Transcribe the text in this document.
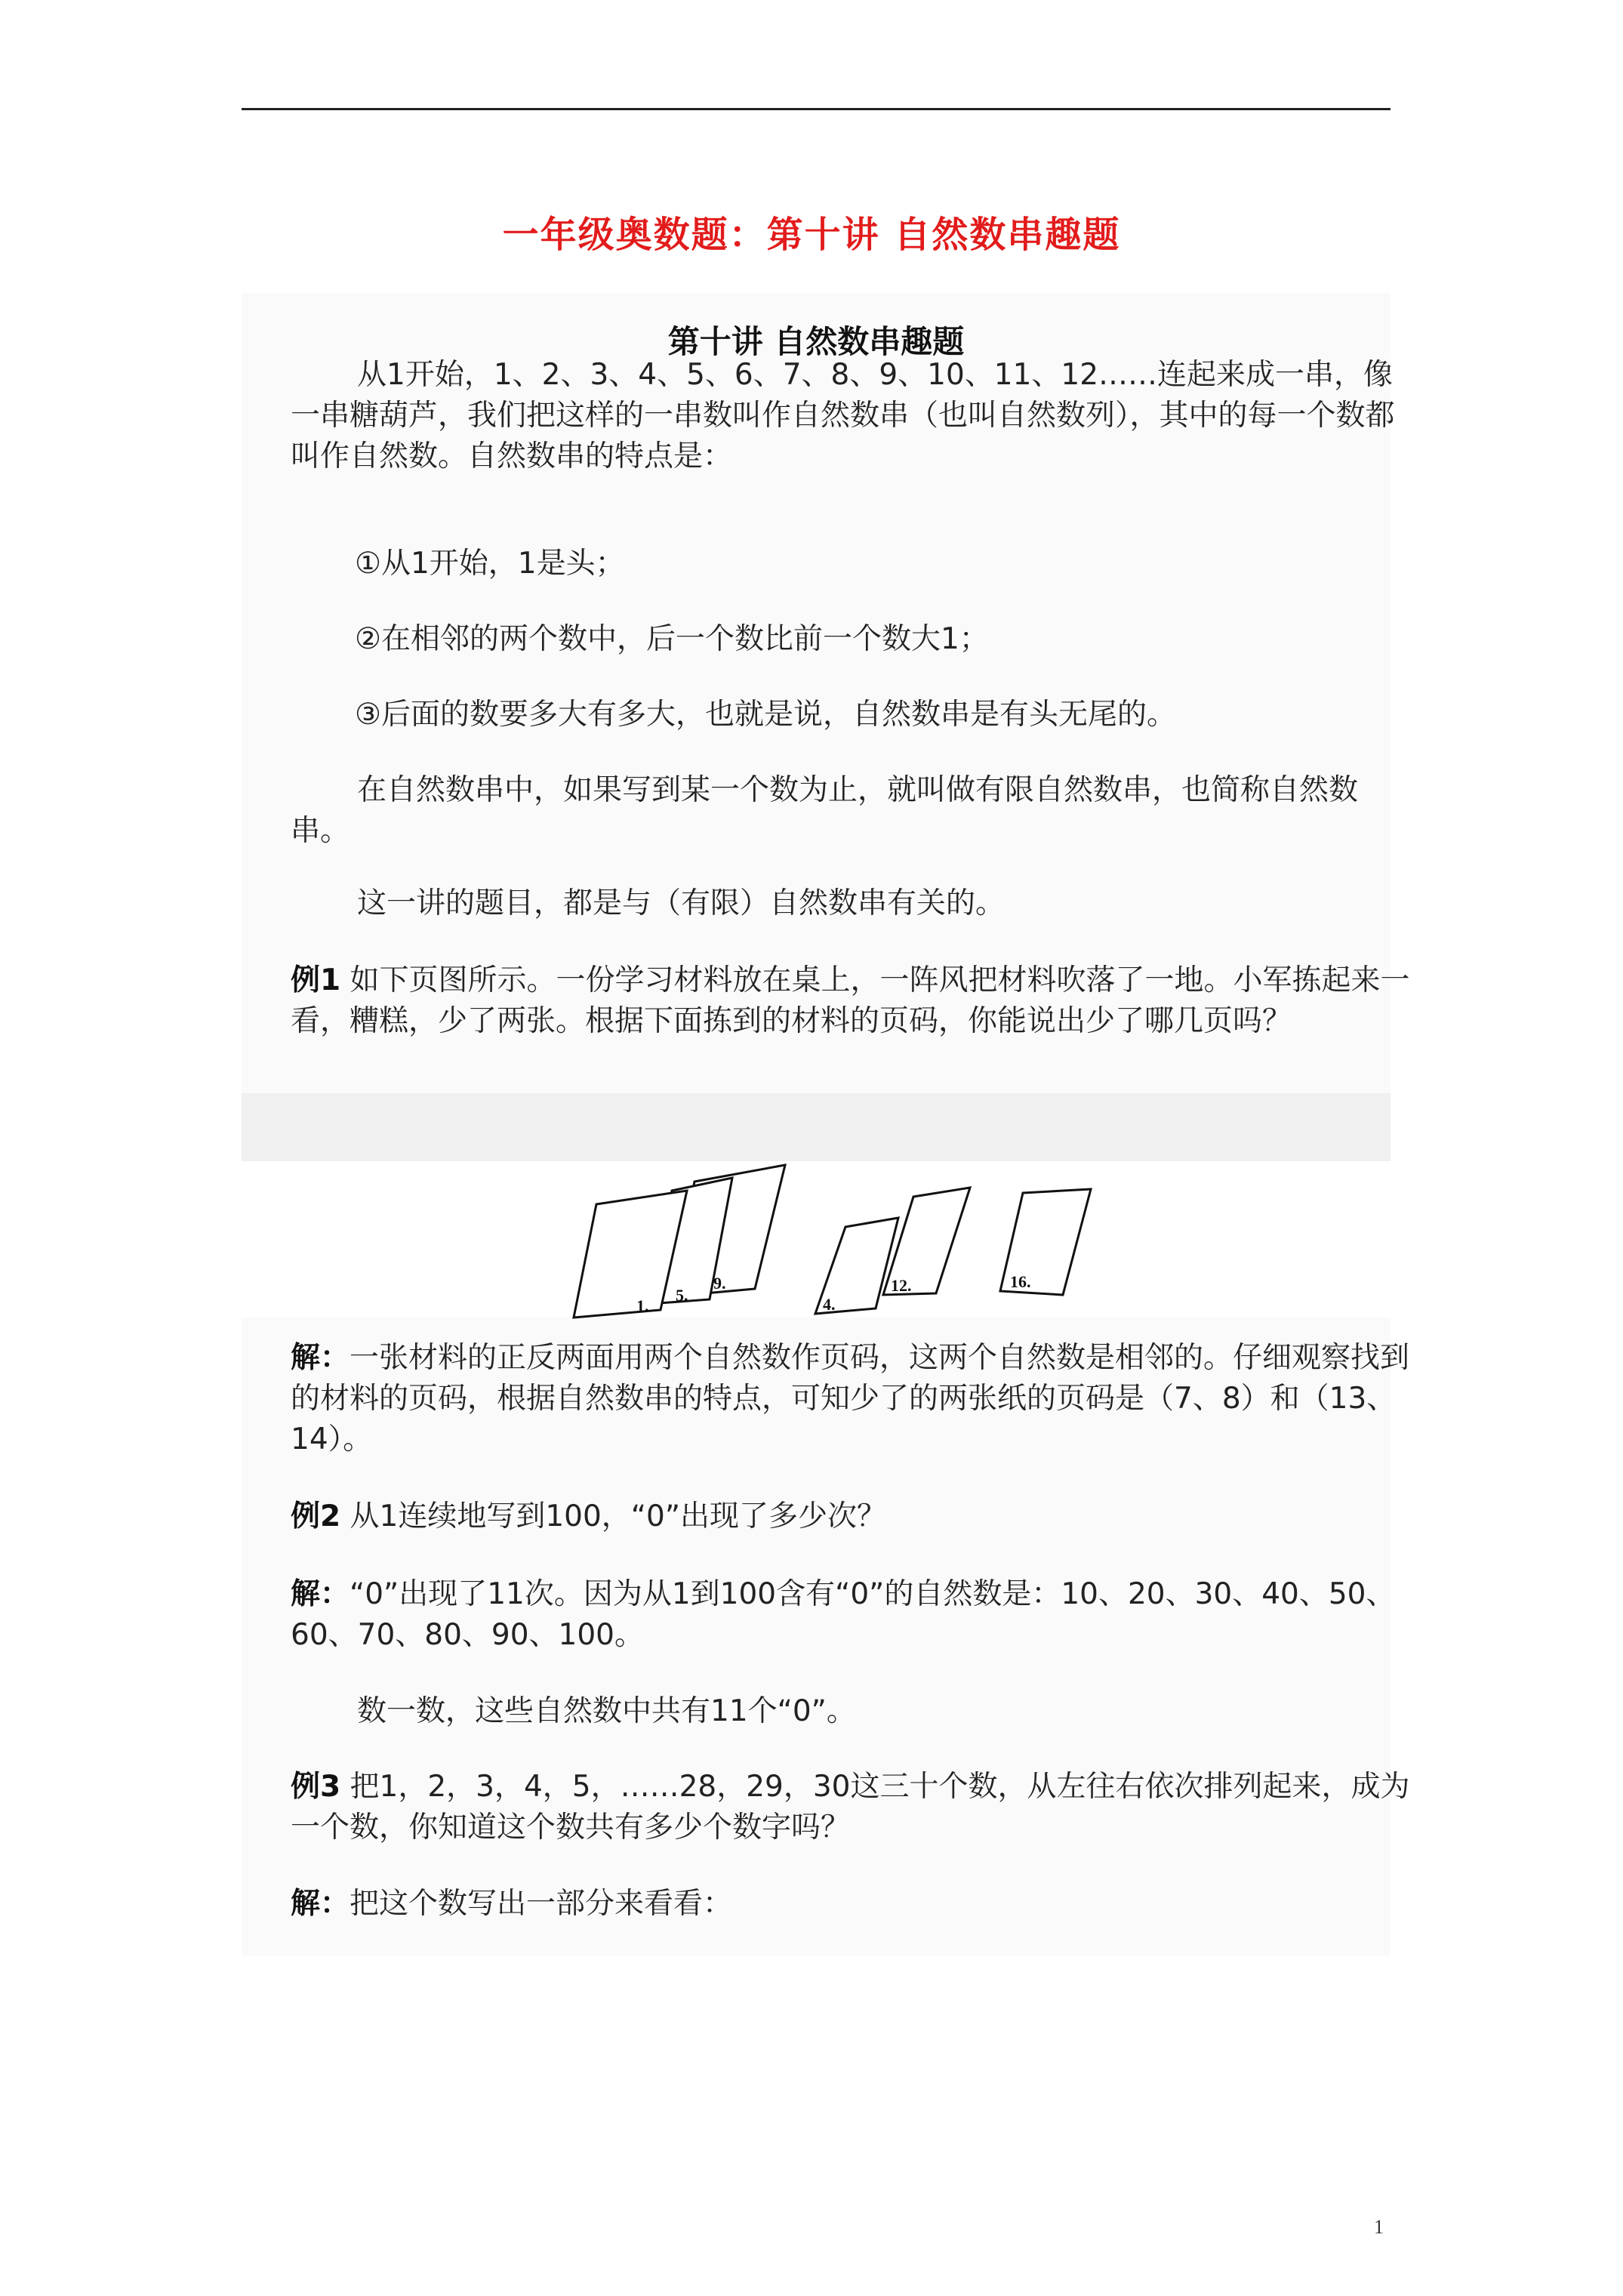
一年级奥数题：第十讲 自然数串趣题
第十讲 自然数串趣题
从1开始，1、2、3、4、5、6、7、8、9、10、11、12……连起来成一串，像一串糖葫芦，我们把这样的一串数叫作自然数串（也叫自然数列），其中的每一个数都叫作自然数。自然数串的特点是：
①从1开始，1是头；
②在相邻的两个数中，后一个数比前一个数大1；
③后面的数要多大有多大，也就是说，自然数串是有头无尾的。
在自然数串中，如果写到某一个数为止，就叫做有限自然数串，也简称自然数串。
这一讲的题目，都是与（有限）自然数串有关的。
例1 如下页图所示。一份学习材料放在桌上，一阵风把材料吹落了一地。小军拣起来一看，糟糕，少了两张。根据下面拣到的材料的页码，你能说出少了哪几页吗？
1.
5.
9.
4.
12.	16.
解：一张材料的正反两面用两个自然数作页码，这两个自然数是相邻的。仔细观察找到的材料的页码，根据自然数串的特点，可知少了的两张纸的页码是（7、8）和（13、14）。
例2 从1连续地写到100，“0”出现了多少次？
解：“0”出现了11次。因为从1到100含有“0”的自然数是：10、20、30、40、50、60、70、80、90、100。
数一数，这些自然数中共有11个“0”。
例3 把1，2，3，4，5，……28，29，30这三十个数，从左往右依次排列起来，成为一个数，你知道这个数共有多少个数字吗？
解：把这个数写出一部分来看看：
1
